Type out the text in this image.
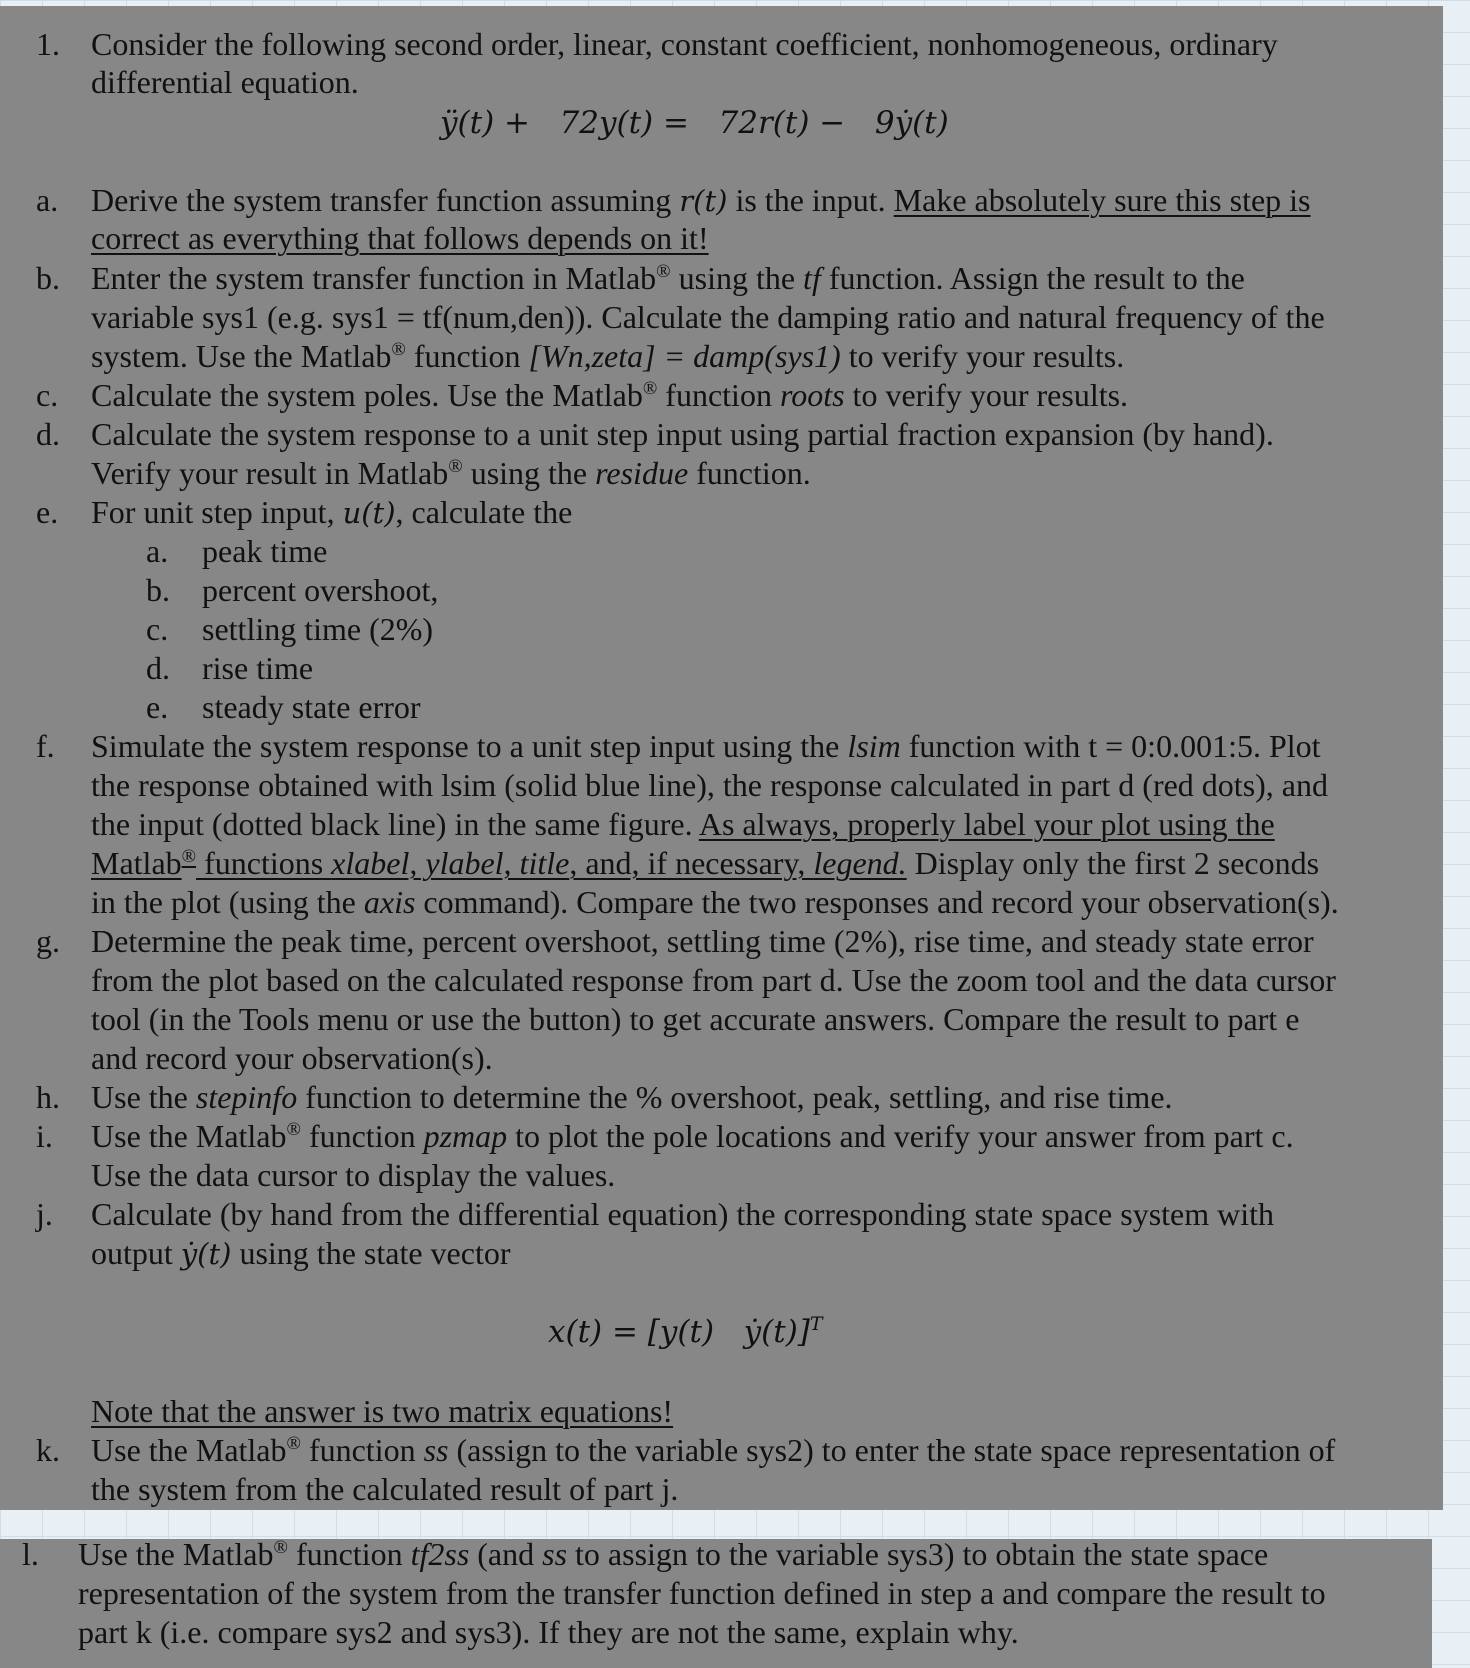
1. Consider the following second order, linear, constant coefficient, nonhomogeneous, ordinary
differential equation.
ÿ(t) +   72y(t) =   72r(t) −   9ẏ(t)
a. Derive the system transfer function assuming r(t) is the input. Make absolutely sure this step is
correct as everything that follows depends on it!
b. Enter the system transfer function in Matlab® using the tf function. Assign the result to the
variable sys1 (e.g. sys1 = tf(num,den)). Calculate the damping ratio and natural frequency of the
system. Use the Matlab® function [Wn,zeta] = damp(sys1) to verify your results.
c. Calculate the system poles. Use the Matlab® function roots to verify your results.
d. Calculate the system response to a unit step input using partial fraction expansion (by hand).
Verify your result in Matlab® using the residue function.
e. For unit step input, u(t), calculate the
a. peak time
b. percent overshoot,
c. settling time (2%)
d. rise time
e. steady state error
f. Simulate the system response to a unit step input using the lsim function with t = 0:0.001:5. Plot
the response obtained with lsim (solid blue line), the response calculated in part d (red dots), and
the input (dotted black line) in the same figure. As always, properly label your plot using the
Matlab® functions xlabel, ylabel, title, and, if necessary, legend. Display only the first 2 seconds
in the plot (using the axis command). Compare the two responses and record your observation(s).
g. Determine the peak time, percent overshoot, settling time (2%), rise time, and steady state error
from the plot based on the calculated response from part d. Use the zoom tool and the data cursor
tool (in the Tools menu or use the button) to get accurate answers. Compare the result to part e
and record your observation(s).
h. Use the stepinfo function to determine the % overshoot, peak, settling, and rise time.
i. Use the Matlab® function pzmap to plot the pole locations and verify your answer from part c.
Use the data cursor to display the values.
j. Calculate (by hand from the differential equation) the corresponding state space system with
output ẏ(t) using the state vector
x(t) = [y(t)   ẏ(t)]$^T$
Note that the answer is two matrix equations!
k. Use the Matlab® function ss (assign to the variable sys2) to enter the state space representation of
the system from the calculated result of part j.
l. Use the Matlab® function tf2ss (and ss to assign to the variable sys3) to obtain the state space
representation of the system from the transfer function defined in step a and compare the result to
part k (i.e. compare sys2 and sys3). If they are not the same, explain why.
